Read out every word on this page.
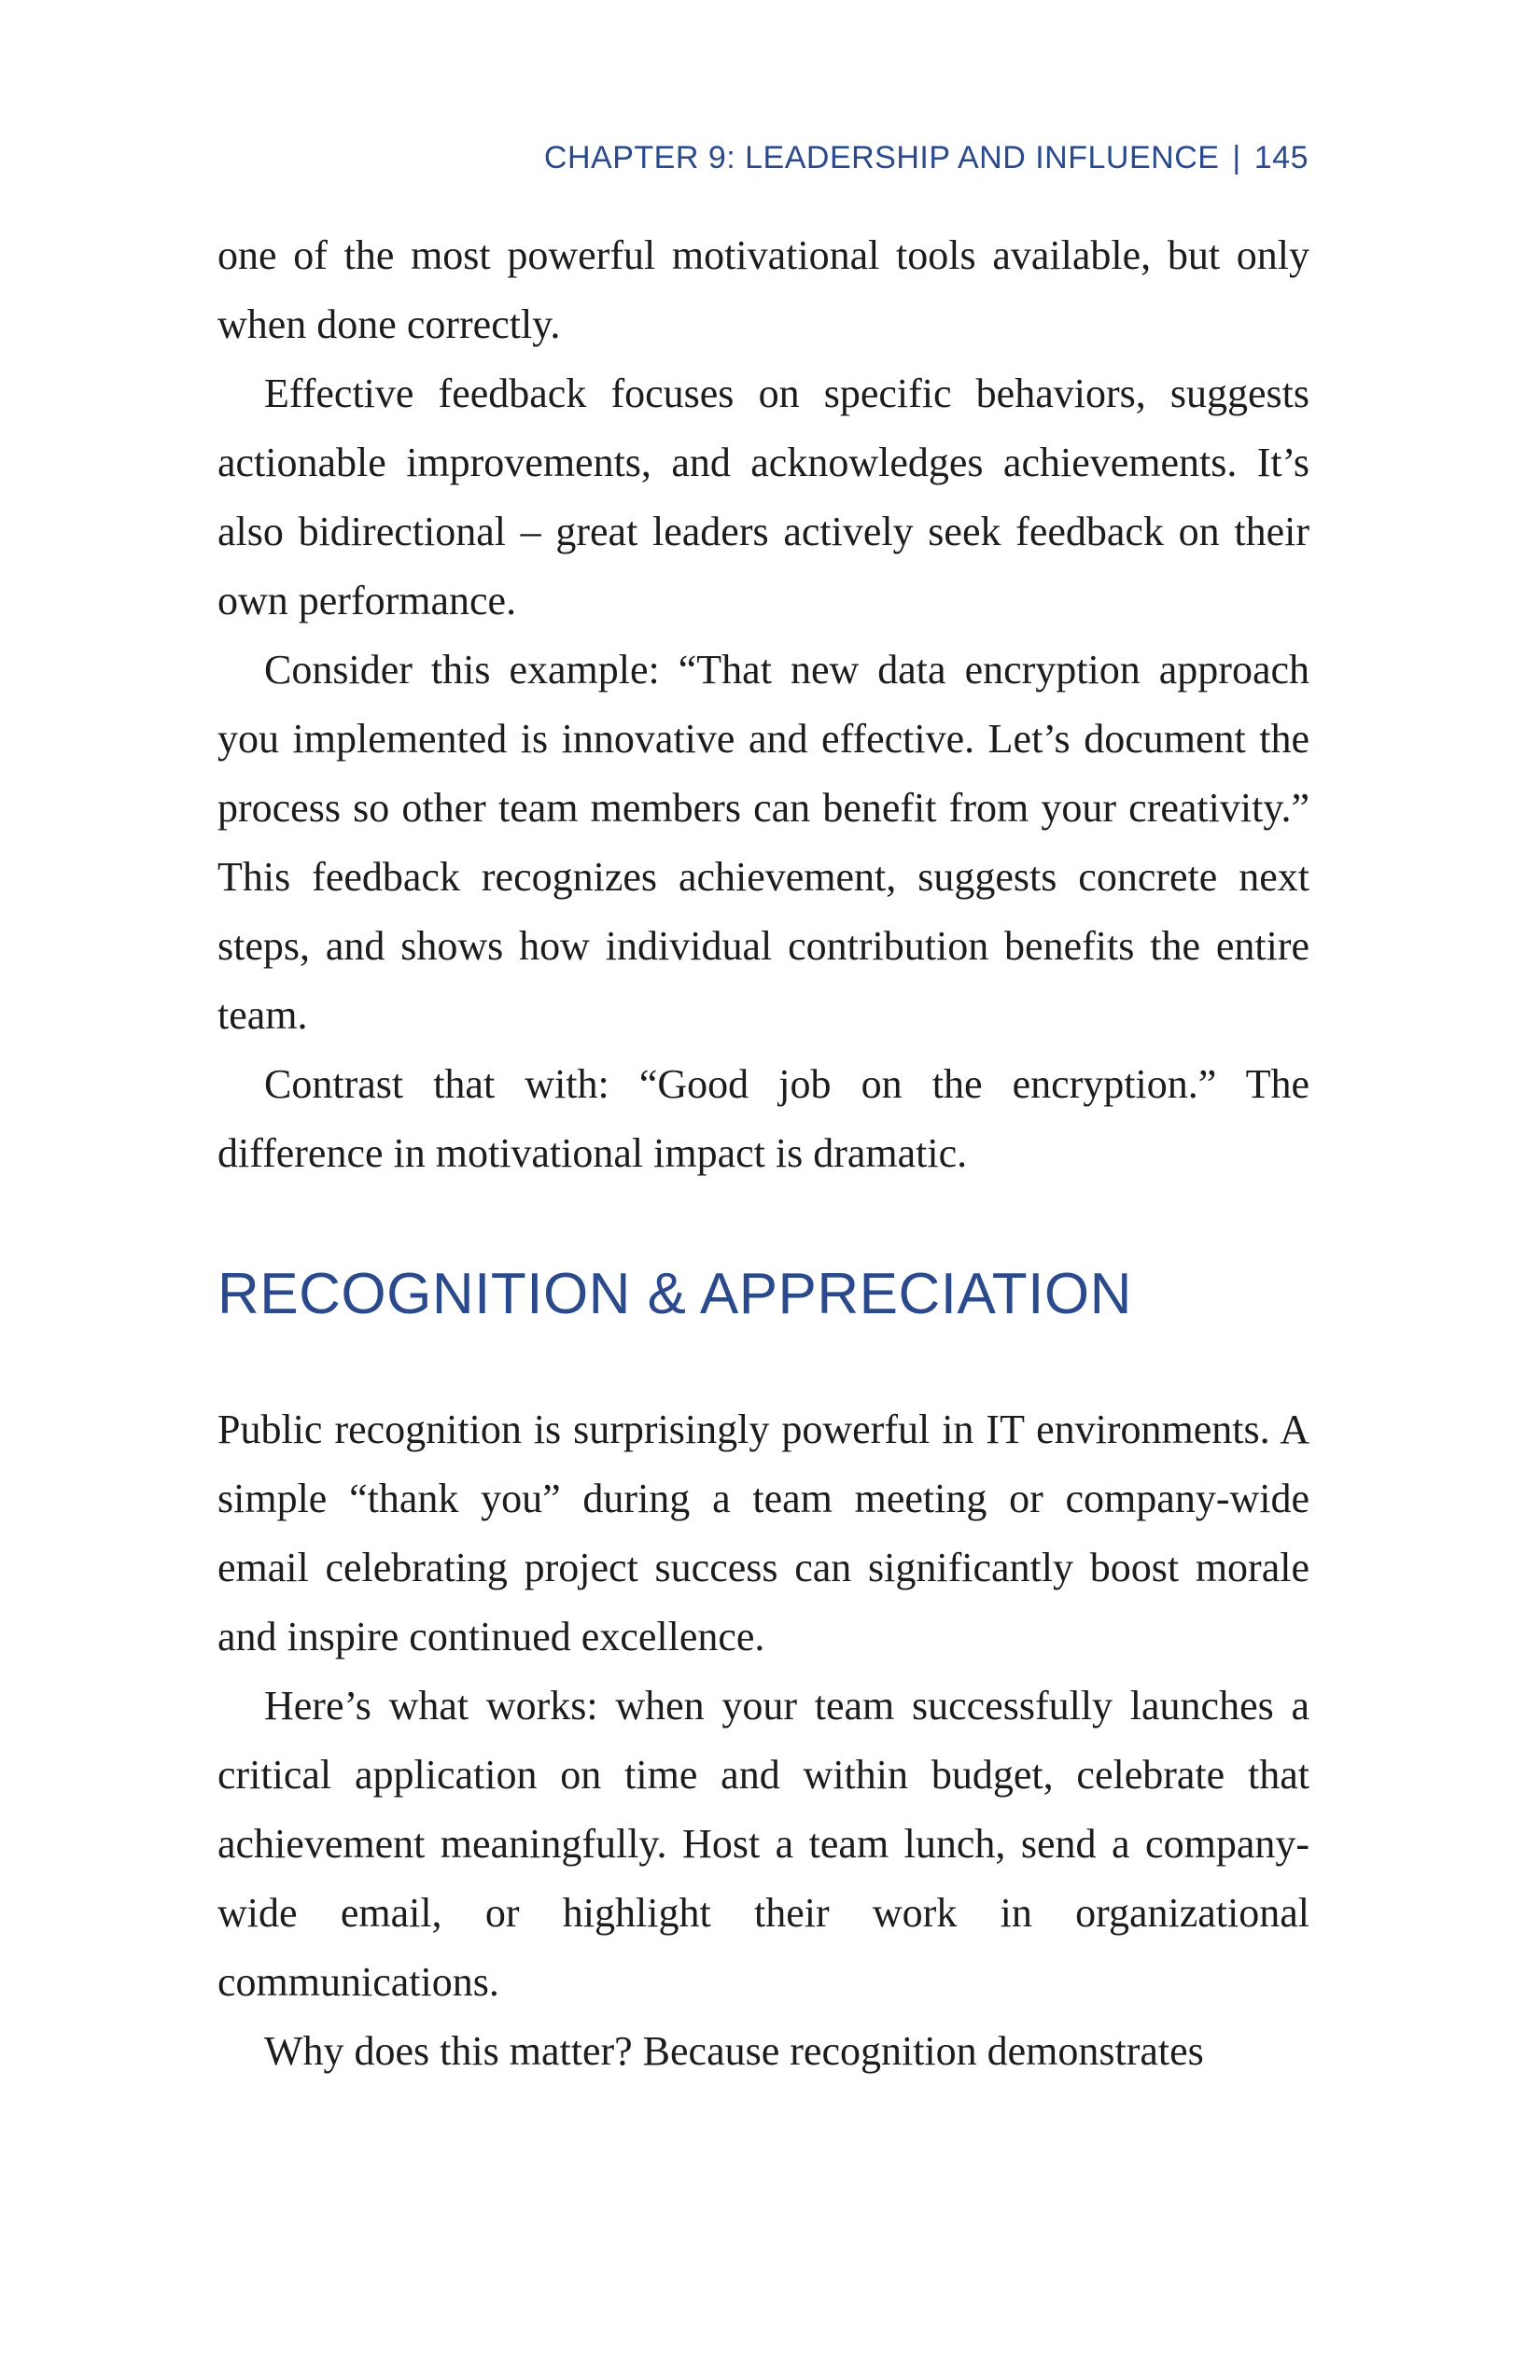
CHAPTER 9: LEADERSHIP AND INFLUENCE | 145

one of the most powerful motivational tools available, but only when done correctly.

Effective feedback focuses on specific behaviors, suggests actionable improvements, and acknowledges achievements. It’s also bidirectional – great leaders actively seek feedback on their own performance.

Consider this example: “That new data encryption approach you implemented is innovative and effective. Let’s document the process so other team members can benefit from your creativity.” This feedback recognizes achievement, suggests concrete next steps, and shows how individual contribution benefits the entire team.

Contrast that with: “Good job on the encryption.” The difference in motivational impact is dramatic.

RECOGNITION & APPRECIATION

Public recognition is surprisingly powerful in IT environments. A simple “thank you” during a team meeting or company-wide email celebrating project success can significantly boost morale and inspire continued excellence.

Here’s what works: when your team successfully launches a critical application on time and within budget, celebrate that achievement meaningfully. Host a team lunch, send a company-wide email, or highlight their work in organizational communications.

Why does this matter? Because recognition demonstrates
